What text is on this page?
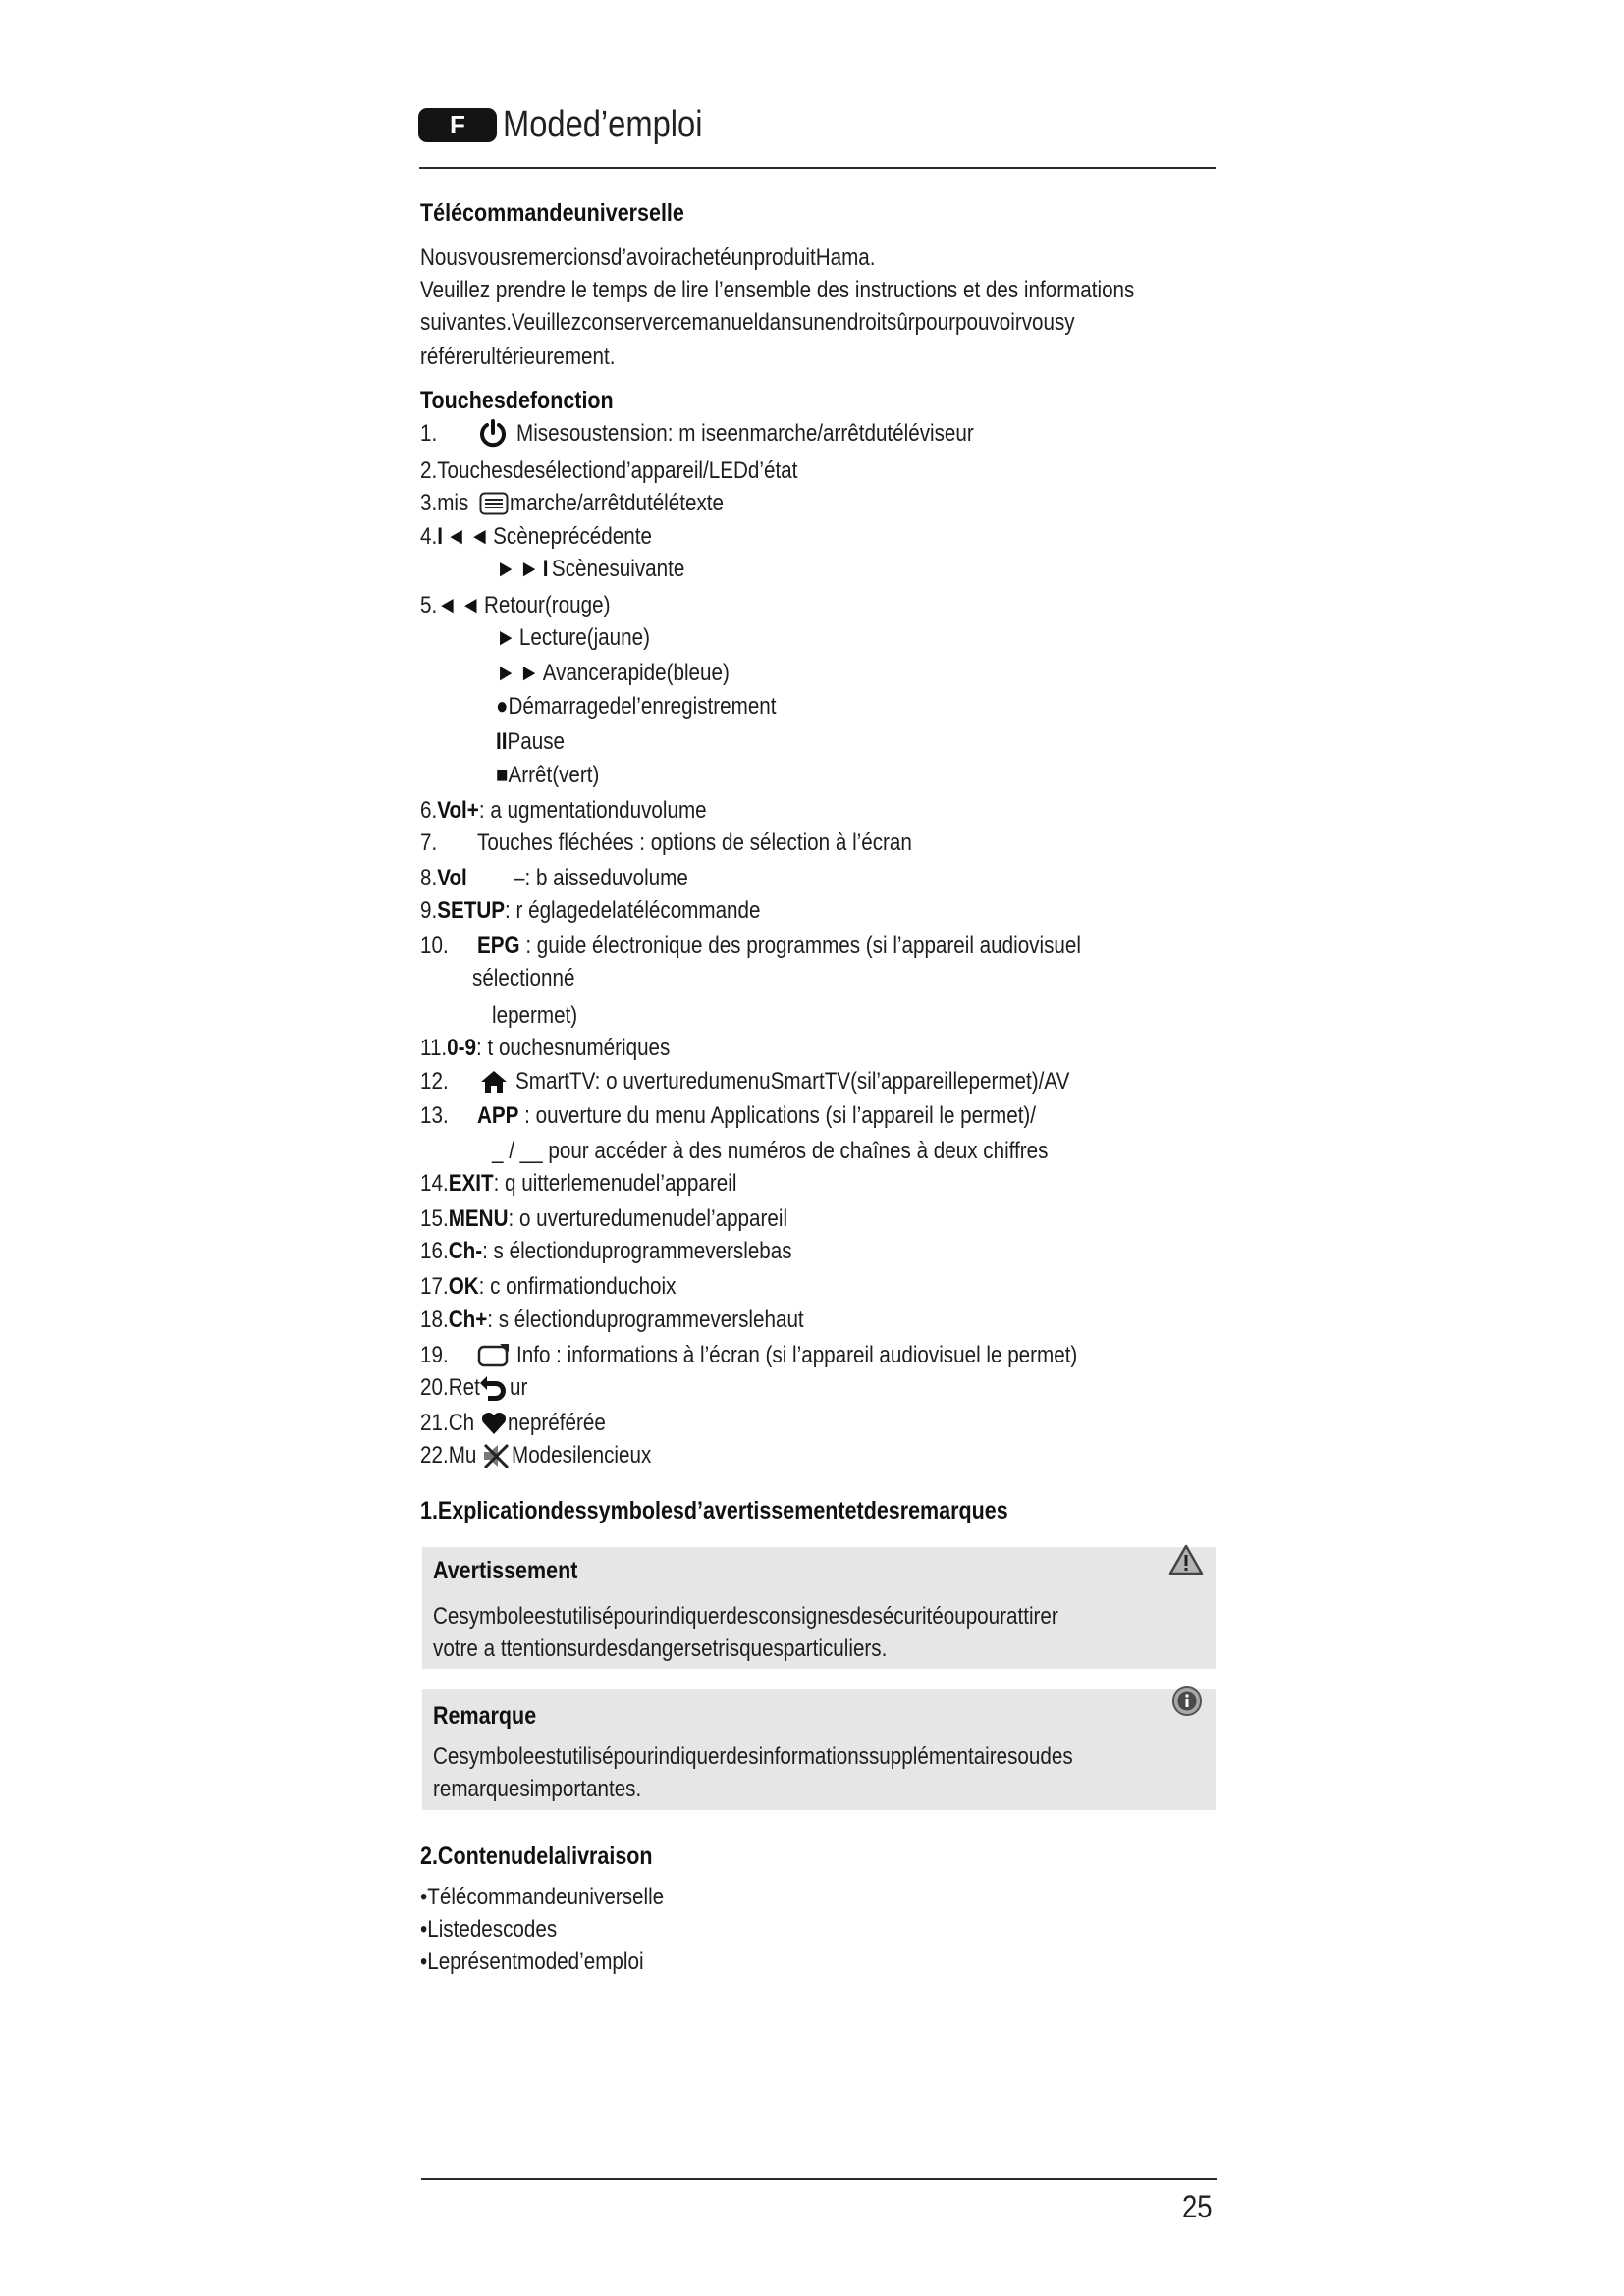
F	Moded’emploi
Télécommandeuniverselle
Nousvousremercionsd’avoirachetéunproduitHama.
Veuillez prendre le temps de lire l’ensemble des instructions et des informations
suivantes.Veuillezconservercemanueldansunendroitsûrpourpouvoirvousy
référerultérieurement.
Touchesdefonction
1.	Misesoustension: m iseenmarche/arrêtdutéléviseur
2.Touchesdesélectiond’appareil/LEDd’état
3.mis marche/arrêtdutélétexte
4.I◄◄Scèneprécédente
►►IScènesuivante
5.◄◄Retour(rouge)
►Lecture(jaune)
►►Avancerapide(bleue)
●Démarragedel’enregistrement
IIPause
■Arrêt(vert)
6.Vol+: a ugmentationduvolume
7. Touches fléchées : options de sélection à l’écran
8.Vol –: b aisseduvolume
9.SETUP: r églagedelatélécommande
10. EPG : guide électronique des programmes (si l’appareil audiovisuel
sélectionné
lepermet)
11.0-9: t ouchesnumériques
12.	SmartTV: o uverturedumenuSmartTV(sil’appareillepermet)/AV
13. APP : ouverture du menu Applications (si l’appareil le permet)/
_ / __ pour accéder à des numéros de chaînes à deux chiffres
14.EXIT: q uitterlemenudel’appareil
15.MENU: o uverturedumenudel’appareil
16.Ch-: s électionduprogrammeverslebas
17.OK: c onfirmationduchoix
18.Ch+: s électionduprogrammeverslehaut
19.	Info : informations à l’écran (si l’appareil audiovisuel le permet)
20.Ret ur
21.Ch nepréférée
22.Mu Modesilencieux
1.Explicationdessymbolesd’avertissementetdesremarques
Avertissement
Cesymboleestutilisépourindiquerdesconsignesdesécuritéoupourattirer
votre a ttentionsurdesdangersetrisquesparticuliers.
Remarque
Cesymboleestutilisépourindiquerdesinformationssupplémentairesoudes
remarquesimportantes.
2.Contenudelalivraison
•Télécommandeuniverselle
•Listedescodes
•Leprésentmoded’emploi
25
